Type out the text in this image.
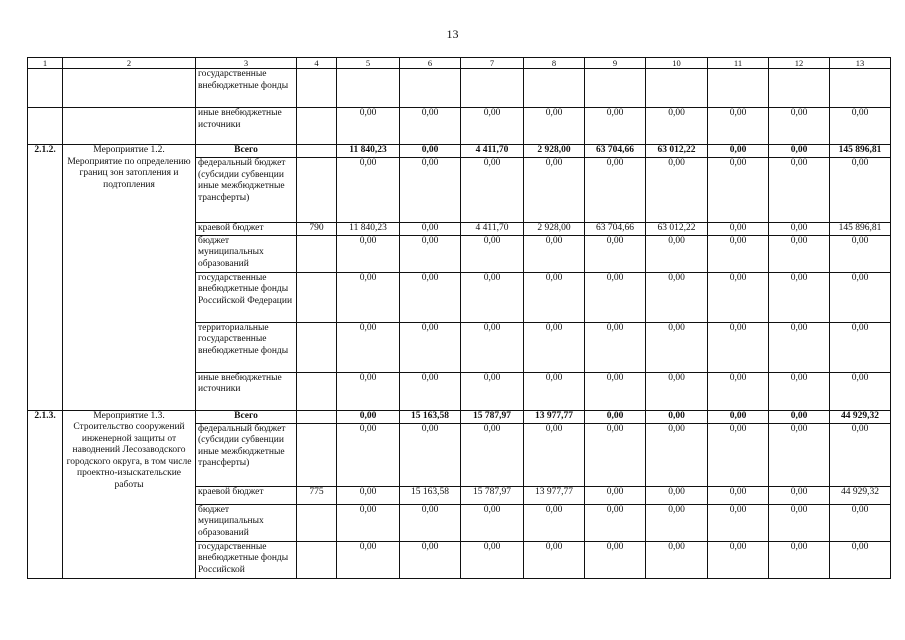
13
1	2	3	4	5	6	7	8	9	10	11	12	13
		государственные внебюджетные фонды										
		иные внебюджетные источники		0,00	0,00	0,00	0,00	0,00	0,00	0,00	0,00	0,00
2.1.2.	Мероприятие 1.2. Мероприятие по определению границ зон затопления и подтопления	Всего		11 840,23	0,00	4 411,70	2 928,00	63 704,66	63 012,22	0,00	0,00	145 896,81
		федеральный бюджет (субсидии субвенции иные межбюджетные трансферты)		0,00	0,00	0,00	0,00	0,00	0,00	0,00	0,00	0,00
		краевой бюджет	790	11 840,23	0,00	4 411,70	2 928,00	63 704,66	63 012,22	0,00	0,00	145 896,81
		бюджет муниципальных образований		0,00	0,00	0,00	0,00	0,00	0,00	0,00	0,00	0,00
		государственные внебюджетные фонды Российской Федерации		0,00	0,00	0,00	0,00	0,00	0,00	0,00	0,00	0,00
		территориальные государственные внебюджетные фонды		0,00	0,00	0,00	0,00	0,00	0,00	0,00	0,00	0,00
		иные внебюджетные источники		0,00	0,00	0,00	0,00	0,00	0,00	0,00	0,00	0,00
2.1.3.	Мероприятие 1.3. Строительство сооружений инженерной защиты от наводнений Лесозаводского городского округа, в том числе проектно-изыскательские работы	Всего		0,00	15 163,58	15 787,97	13 977,77	0,00	0,00	0,00	0,00	44 929,32
		федеральный бюджет (субсидии субвенции иные межбюджетные трансферты)		0,00	0,00	0,00	0,00	0,00	0,00	0,00	0,00	0,00
		краевой бюджет	775	0,00	15 163,58	15 787,97	13 977,77	0,00	0,00	0,00	0,00	44 929,32
		бюджет муниципальных образований		0,00	0,00	0,00	0,00	0,00	0,00	0,00	0,00	0,00
		государственные внебюджетные фонды Российской		0,00	0,00	0,00	0,00	0,00	0,00	0,00	0,00	0,00
